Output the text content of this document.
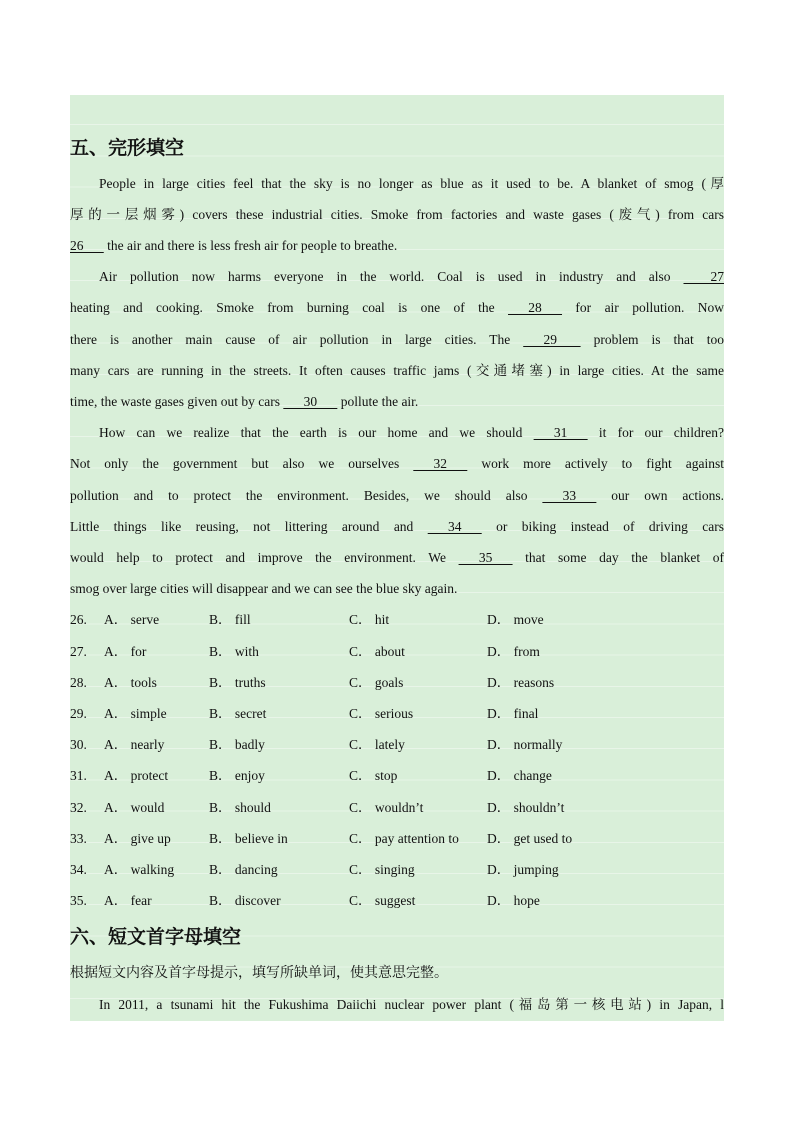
五、完形填空
People in large cities feel that the sky is no longer as blue as it used to be. A blanket of smog (厚
厚的一层烟雾) covers these industrial cities. Smoke from factories and waste gases (废气) from cars
26       the air and there is less fresh air for people to breathe.
Air pollution now harms everyone in the world. Coal is used in industry and also         27
heating and cooking. Smoke from burning coal is one of the       28       for air pollution. Now
there is another main cause of air pollution in large cities. The       29        problem is that too
many cars are running in the streets. It often causes traffic jams (交通堵塞) in large cities. At the same
time, the waste gases given out by cars       30       pollute the air.
How can we realize that the earth is our home and we should       31       it for our children?
Not only the government but also we ourselves       32       work more actively to fight against
pollution and to protect the environment. Besides, we should also       33       our own actions.
Little things like reusing, not littering around and       34       or biking instead of driving cars
would help to protect and improve the environment. We       35       that some day the blanket of
smog over large cities will disappear and we can see the blue sky again.
26. A． serve	B． fill	C． hit	D． move
27. A． for	B． with	C． about	D． from
28. A． tools	B． truths	C． goals	D． reasons
29. A． simple	B． secret	C． serious	D． final
30. A． nearly	B． badly	C． lately	D． normally
31. A． protect	B． enjoy	C． stop	D． change
32. A． would	B． should	C． wouldn’t	D． shouldn’t
33. A． give up	B． believe in	C． pay attention to D． get used to
34. A． walking	B． dancing	C． singing	D． jumping
35. A． fear	B． discover	C． suggest	D． hope
六、短文首字母填空
根据短文内容及首字母提示，填写所缺单词，使其意思完整。
In 2011, a tsunami hit the Fukushima Daiichi nuclear power plant (福岛第一核电站) in Japan, l
